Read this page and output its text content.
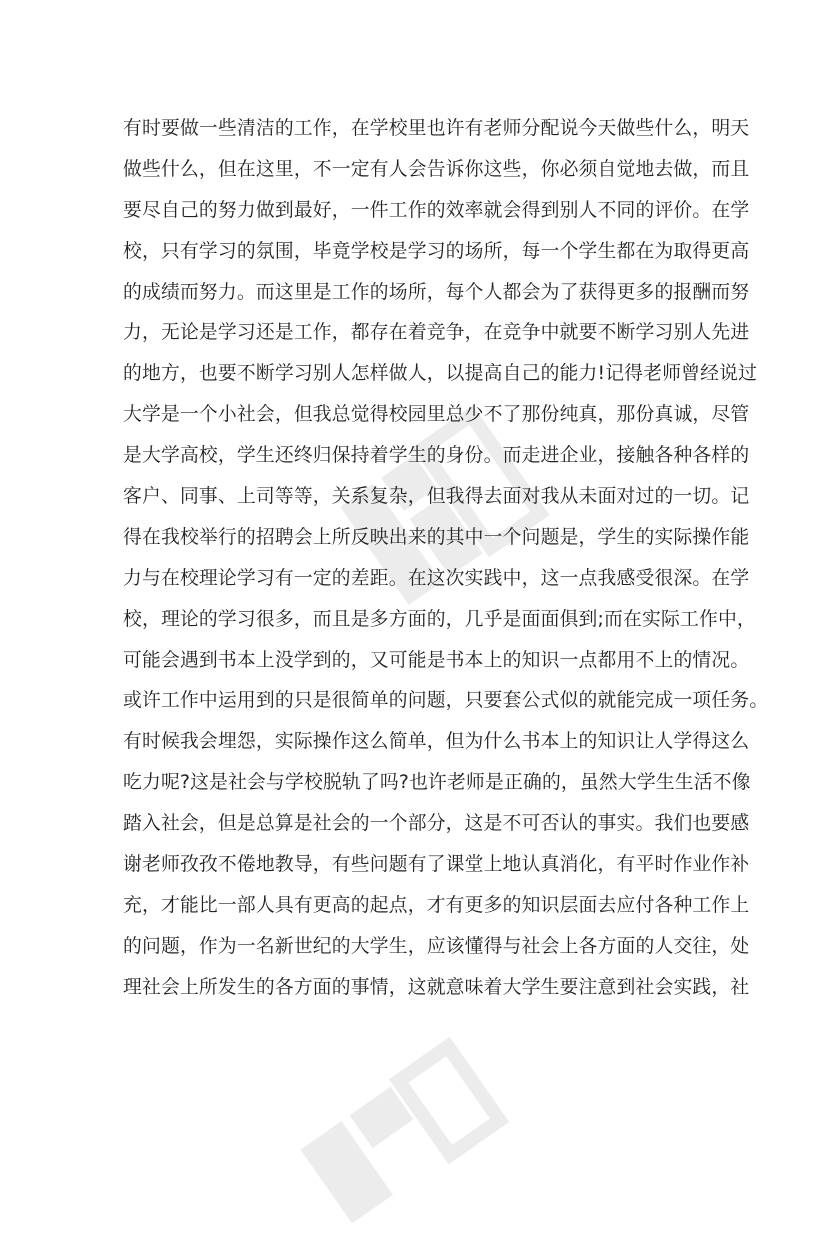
有时要做一些清洁的工作，在学校里也许有老师分配说今天做些什么，明天
做些什么，但在这里，不一定有人会告诉你这些，你必须自觉地去做，而且
要尽自己的努力做到最好，一件工作的效率就会得到别人不同的评价。在学
校，只有学习的氛围，毕竟学校是学习的场所，每一个学生都在为取得更高
的成绩而努力。而这里是工作的场所，每个人都会为了获得更多的报酬而努
力，无论是学习还是工作，都存在着竞争，在竞争中就要不断学习别人先进
的地方，也要不断学习别人怎样做人，以提高自己的能力!记得老师曾经说过
大学是一个小社会，但我总觉得校园里总少不了那份纯真，那份真诚，尽管
是大学高校，学生还终归保持着学生的身份。而走进企业，接触各种各样的
客户、同事、上司等等，关系复杂，但我得去面对我从未面对过的一切。记
得在我校举行的招聘会上所反映出来的其中一个问题是，学生的实际操作能
力与在校理论学习有一定的差距。在这次实践中，这一点我感受很深。在学
校，理论的学习很多，而且是多方面的，几乎是面面俱到;而在实际工作中，
可能会遇到书本上没学到的，又可能是书本上的知识一点都用不上的情况。
或许工作中运用到的只是很简单的问题，只要套公式似的就能完成一项任务。
有时候我会埋怨，实际操作这么简单，但为什么书本上的知识让人学得这么
吃力呢?这是社会与学校脱轨了吗?也许老师是正确的，虽然大学生生活不像
踏入社会，但是总算是社会的一个部分，这是不可否认的事实。我们也要感
谢老师孜孜不倦地教导，有些问题有了课堂上地认真消化，有平时作业作补
充，才能比一部人具有更高的起点，才有更多的知识层面去应付各种工作上
的问题，作为一名新世纪的大学生，应该懂得与社会上各方面的人交往，处
理社会上所发生的各方面的事情，这就意味着大学生要注意到社会实践，社
